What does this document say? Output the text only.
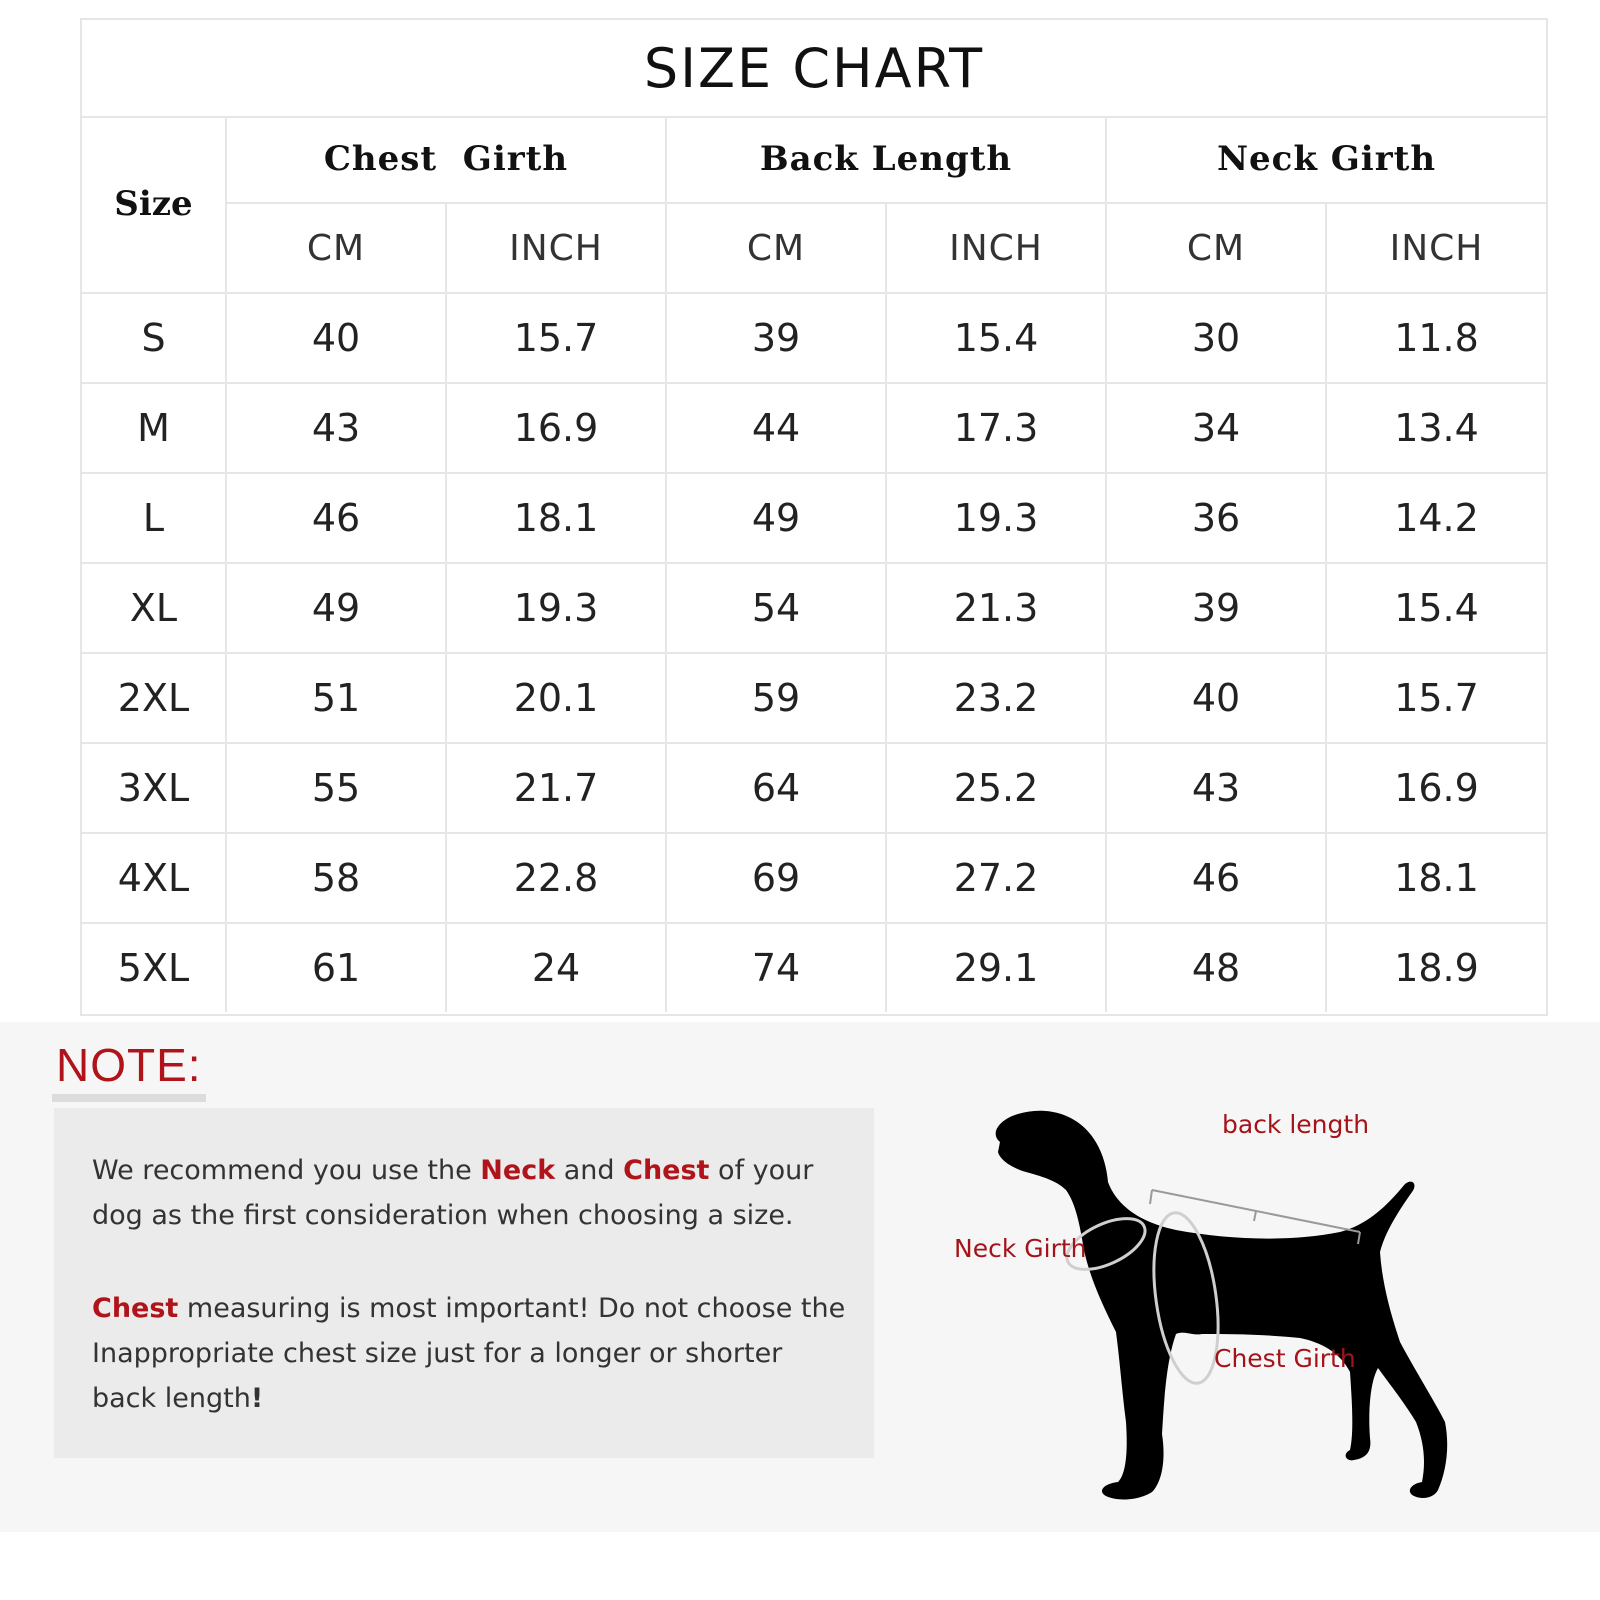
SIZE CHART
Size	Chest  Girth		Back Length		Neck Girth	
	CM	INCH	CM	INCH	CM	INCH
S	40	15.7	39	15.4	30	11.8
M	43	16.9	44	17.3	34	13.4
L	46	18.1	49	19.3	36	14.2
XL	49	19.3	54	21.3	39	15.4
2XL	51	20.1	59	23.2	40	15.7
3XL	55	21.7	64	25.2	43	16.9
4XL	58	22.8	69	27.2	46	18.1
5XL	61	24	74	29.1	48	18.9
NOTE:
We recommend you use the Neck and Chest of your dog as the first consideration when choosing a size.
Chest measuring is most important! Do not choose the Inappropriate chest size just for a longer or shorter back length!
back length
Neck Girth
Chest Girth
